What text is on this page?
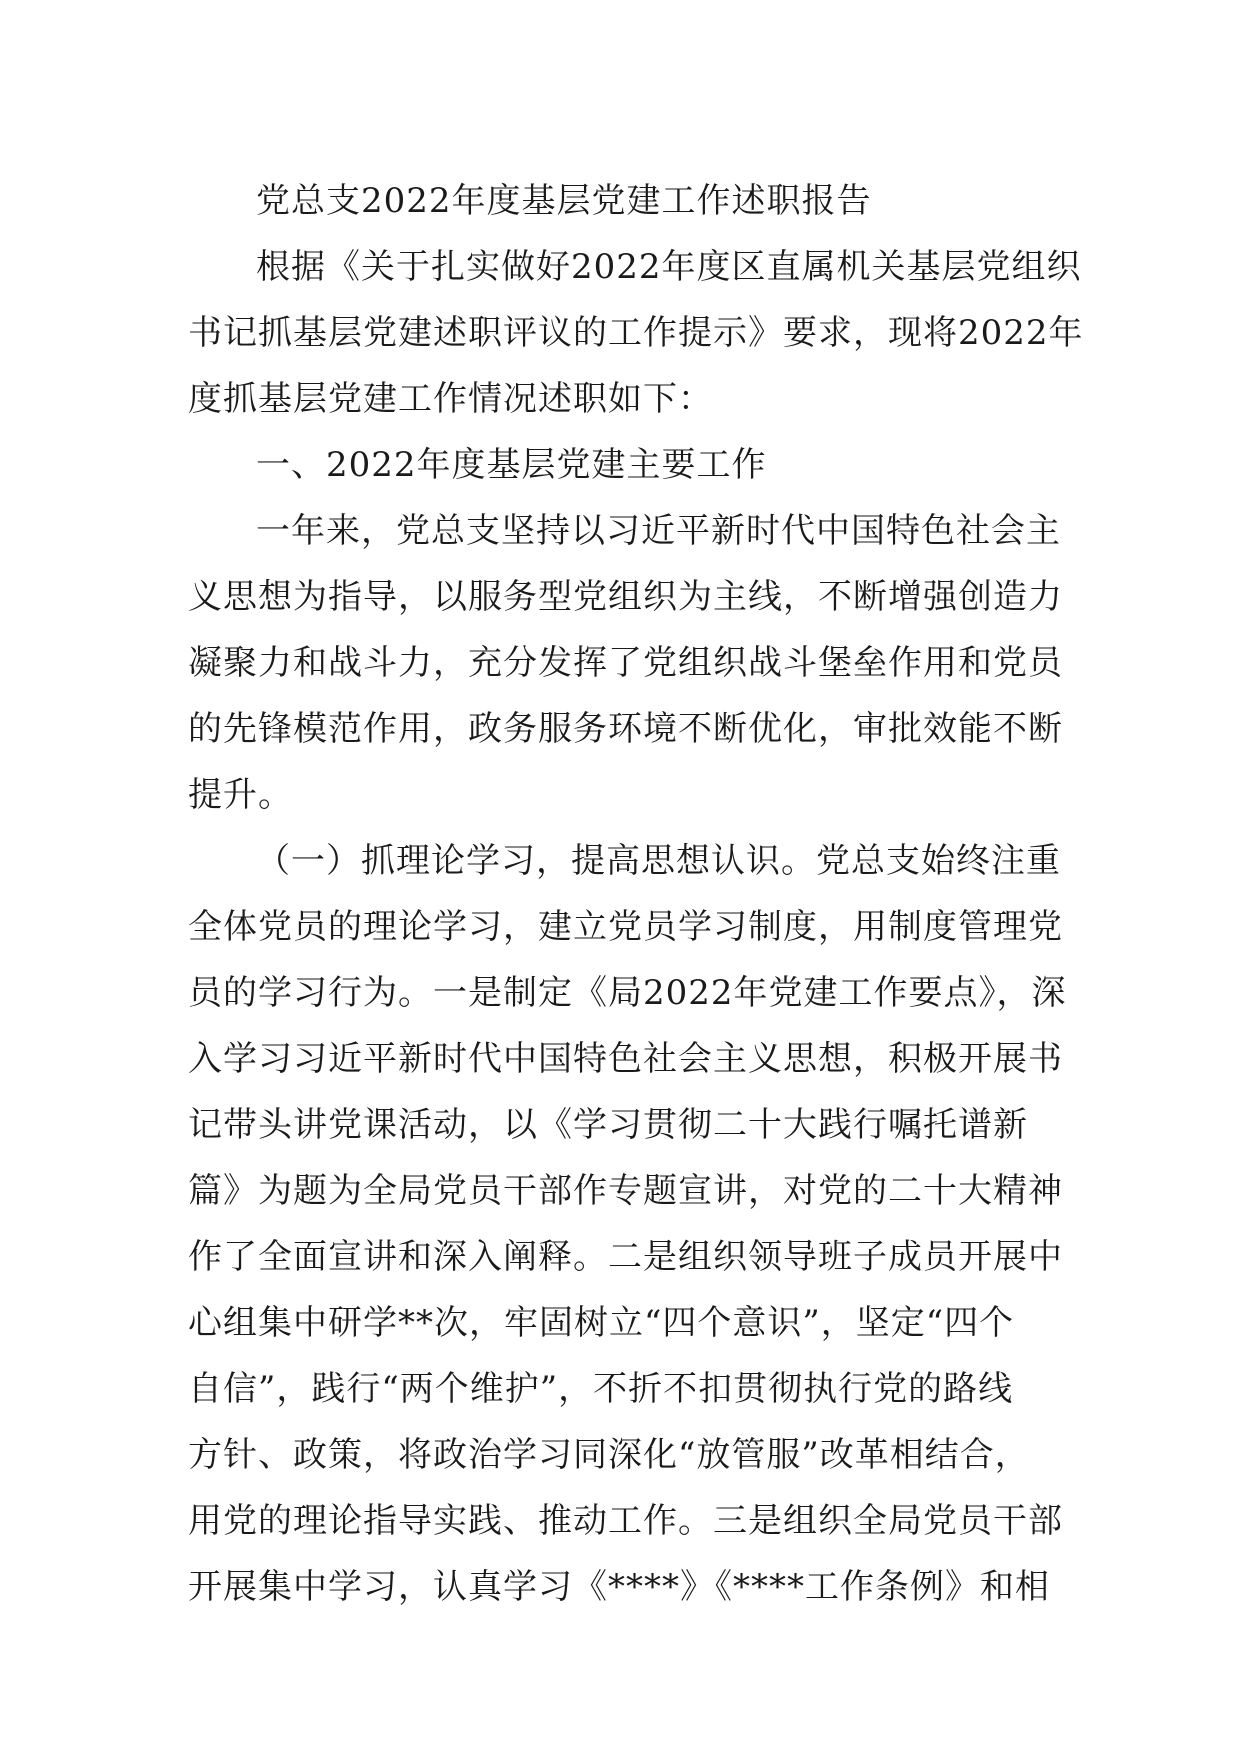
党总支2022年度基层党建工作述职报告
根据《关于扎实做好2022年度区直属机关基层党组织
书记抓基层党建述职评议的工作提示》要求，现将2022年
度抓基层党建工作情况述职如下：
一、2022年度基层党建主要工作
一年来，党总支坚持以习近平新时代中国特色社会主
义思想为指导，以服务型党组织为主线，不断增强创造力
凝聚力和战斗力，充分发挥了党组织战斗堡垒作用和党员
的先锋模范作用，政务服务环境不断优化，审批效能不断
提升。
（一）抓理论学习，提高思想认识。党总支始终注重
全体党员的理论学习，建立党员学习制度，用制度管理党
员的学习行为。一是制定《局2022年党建工作要点》，深
入学习习近平新时代中国特色社会主义思想，积极开展书
记带头讲党课活动，以《学习贯彻二十大践行嘱托谱新
篇》为题为全局党员干部作专题宣讲，对党的二十大精神
作了全面宣讲和深入阐释。二是组织领导班子成员开展中
心组集中研学**次，牢固树立“四个意识”，坚定“四个
自信”，践行“两个维护”，不折不扣贯彻执行党的路线
方针、政策，将政治学习同深化“放管服”改革相结合，
用党的理论指导实践、推动工作。三是组织全局党员干部
开展集中学习，认真学习《****》《****工作条例》和相
